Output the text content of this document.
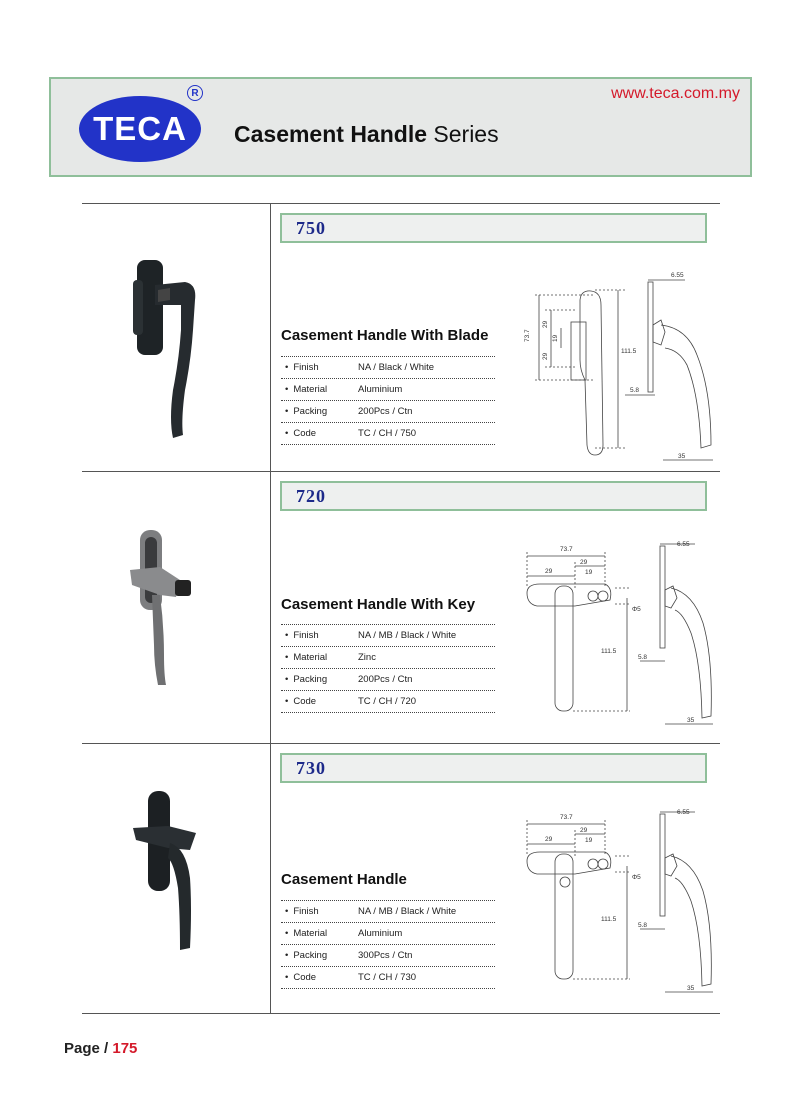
TECA
R
Casement Handle Series
www.teca.com.my
750
Casement Handle With Blade
• Finish	NA / Black / White
• Material	Aluminium
• Packing	200Pcs / Ctn
• Code	TC / CH / 750
73.7
29
19
29
111.5
6.55
5.8
35
720
Casement Handle With Key
• Finish	NA / MB / Black / White
• Material	Zinc
• Packing	200Pcs / Ctn
• Code	TC / CH / 720
73.7
29
29
19
111.5
Φ5
6.55
5.8
35
730
Casement Handle
• Finish	NA / MB / Black / White
• Material	Aluminium
• Packing	300Pcs / Ctn
• Code	TC / CH / 730
73.7
29
29
19
111.5
Φ5
6.55
5.8
35
Page / 175
